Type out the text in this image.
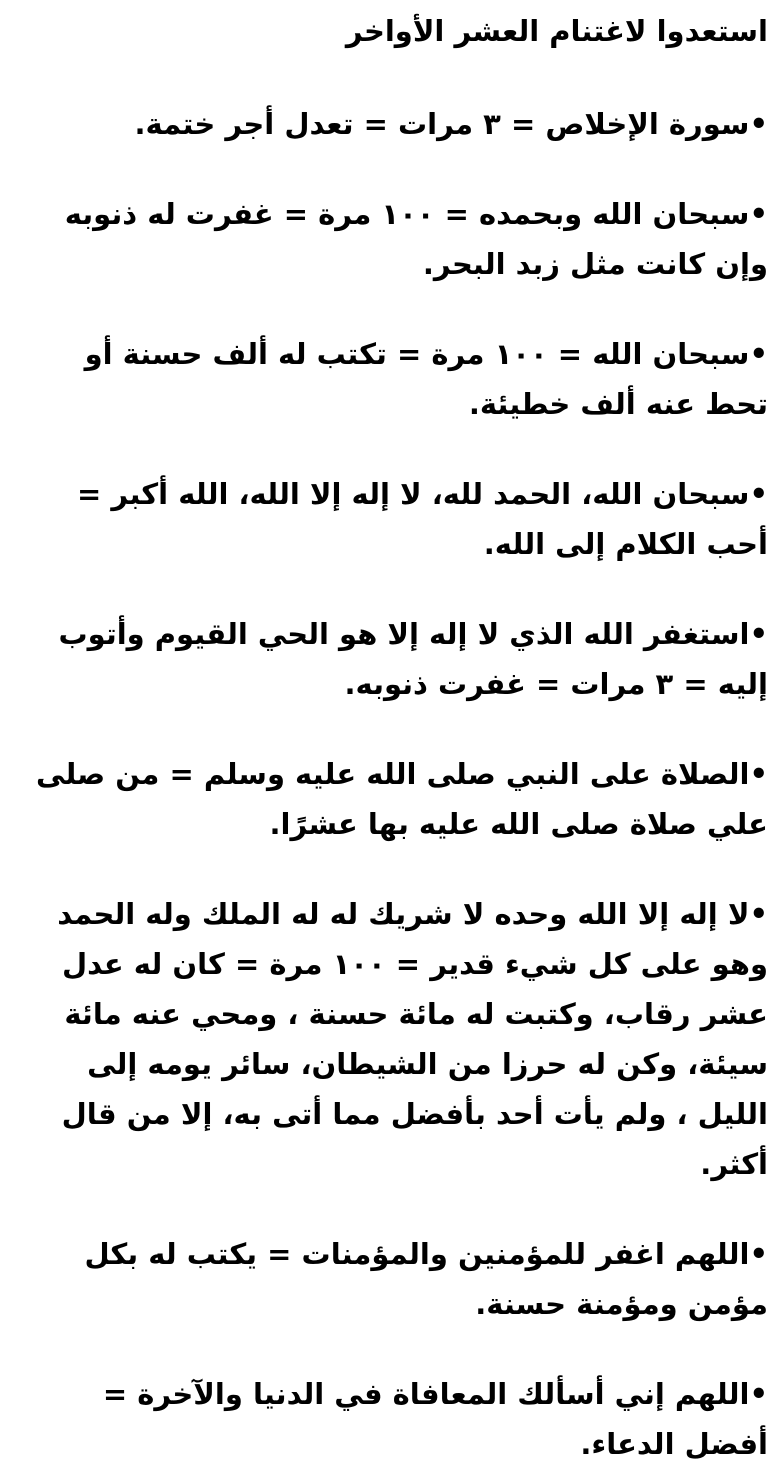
استعدوا لاغتنام العشر الأواخر
•سورة الإخلاص = ٣ مرات = تعدل أجر ختمة.
•سبحان الله وبحمده = ١٠٠ مرة = غفرت له ذنوبه وإن كانت مثل زبد البحر.
•سبحان الله = ١٠٠ مرة = تكتب له ألف حسنة أو تحط عنه ألف خطيئة.
•سبحان الله، الحمد لله، لا إله إلا الله، الله أكبر = أحب الكلام إلى الله.
•استغفر الله الذي لا إله إلا هو الحي القيوم وأتوب إليه = ٣ مرات = غفرت ذنوبه.
•الصلاة على النبي صلى الله عليه وسلم = من صلى علي صلاة صلى الله عليه بها عشرًا.
•لا إله إلا الله وحده لا شريك له له الملك وله الحمد وهو على كل شيء قدير = ١٠٠ مرة = كان له عدل عشر رقاب، وكتبت له مائة حسنة ، ومحي عنه مائة سيئة، وكن له حرزا من الشيطان، سائر يومه إلى الليل ، ولم يأت أحد بأفضل مما أتى به، إلا من قال أكثر.
•اللهم اغفر للمؤمنين والمؤمنات = يكتب له بكل مؤمن ومؤمنة حسنة.
•اللهم إني أسألك المعافاة في الدنيا والآخرة = أفضل الدعاء.
